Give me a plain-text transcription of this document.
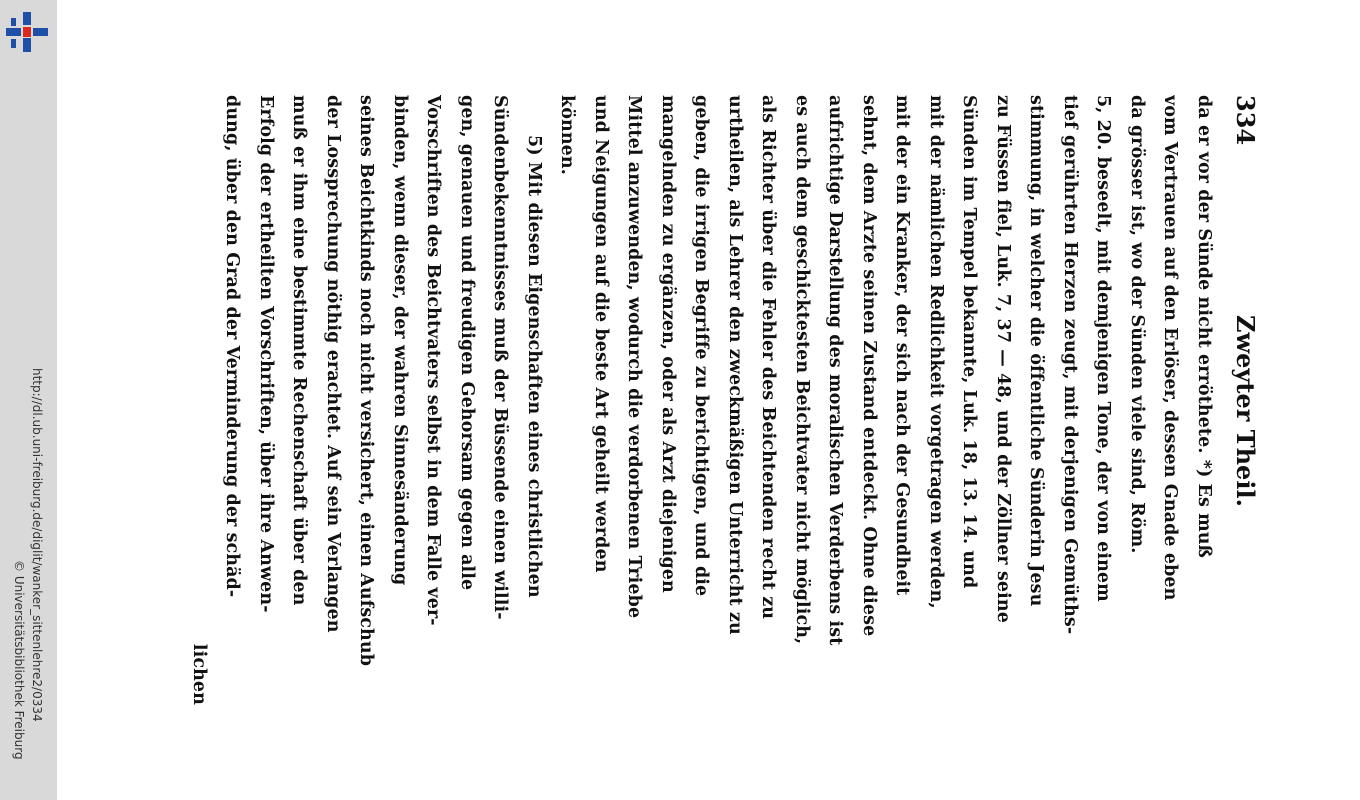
http://dl.ub.uni-freiburg.de/diglit/wanker_sittenlehre2/0334
© Universitätsbibliothek Freiburg
334
Zweyter Theil.
da er vor der Sünde nicht erröthete. *) Es muß
vom Vertrauen auf den Erlöser, dessen Gnade eben
da grösser ist, wo der Sünden viele sind, Röm.
5, 20. beseelt, mit demjenigen Tone, der von einem
tief gerührten Herzen zeugt, mit derjenigen Gemüths-
stimmung, in welcher die öffentliche Sünderin Jesu
zu Füssen fiel, Luk. 7, 37 — 48, und der Zöllner seine
Sünden im Tempel bekannte, Luk. 18, 13. 14. und
mit der nämlichen Redlichkeit vorgetragen werden,
mit der ein Kranker, der sich nach der Gesundheit
sehnt, dem Arzte seinen Zustand entdeckt. Ohne diese
aufrichtige Darstellung des moralischen Verderbens ist
es auch dem geschicktesten Beichtvater nicht möglich,
als Richter über die Fehler des Beichtenden recht zu
urtheilen, als Lehrer den zweckmäßigen Unterricht zu
geben, die irrigen Begriffe zu berichtigen, und die
mangelnden zu ergänzen, oder als Arzt diejenigen
Mittel anzuwenden, wodurch die verdorbenen Triebe
und Neigungen auf die beste Art geheilt werden
können.
5) Mit diesen Eigenschaften eines christlichen
Sündenbekenntnisses muß der Büssende einen willi-
gen, genauen und freudigen Gehorsam gegen alle
Vorschriften des Beichtvaters selbst in dem Falle ver-
binden, wenn dieser, der wahren Sinnesänderung
seines Beichtkinds noch nicht versichert, einen Aufschub
der Lossprechung nöthig erachtet. Auf sein Verlangen
muß er ihm eine bestimmte Rechenschaft über den
Erfolg der ertheilten Vorschriften, über ihre Anwen-
dung, über den Grad der Verminderung der schäd-
lichen
